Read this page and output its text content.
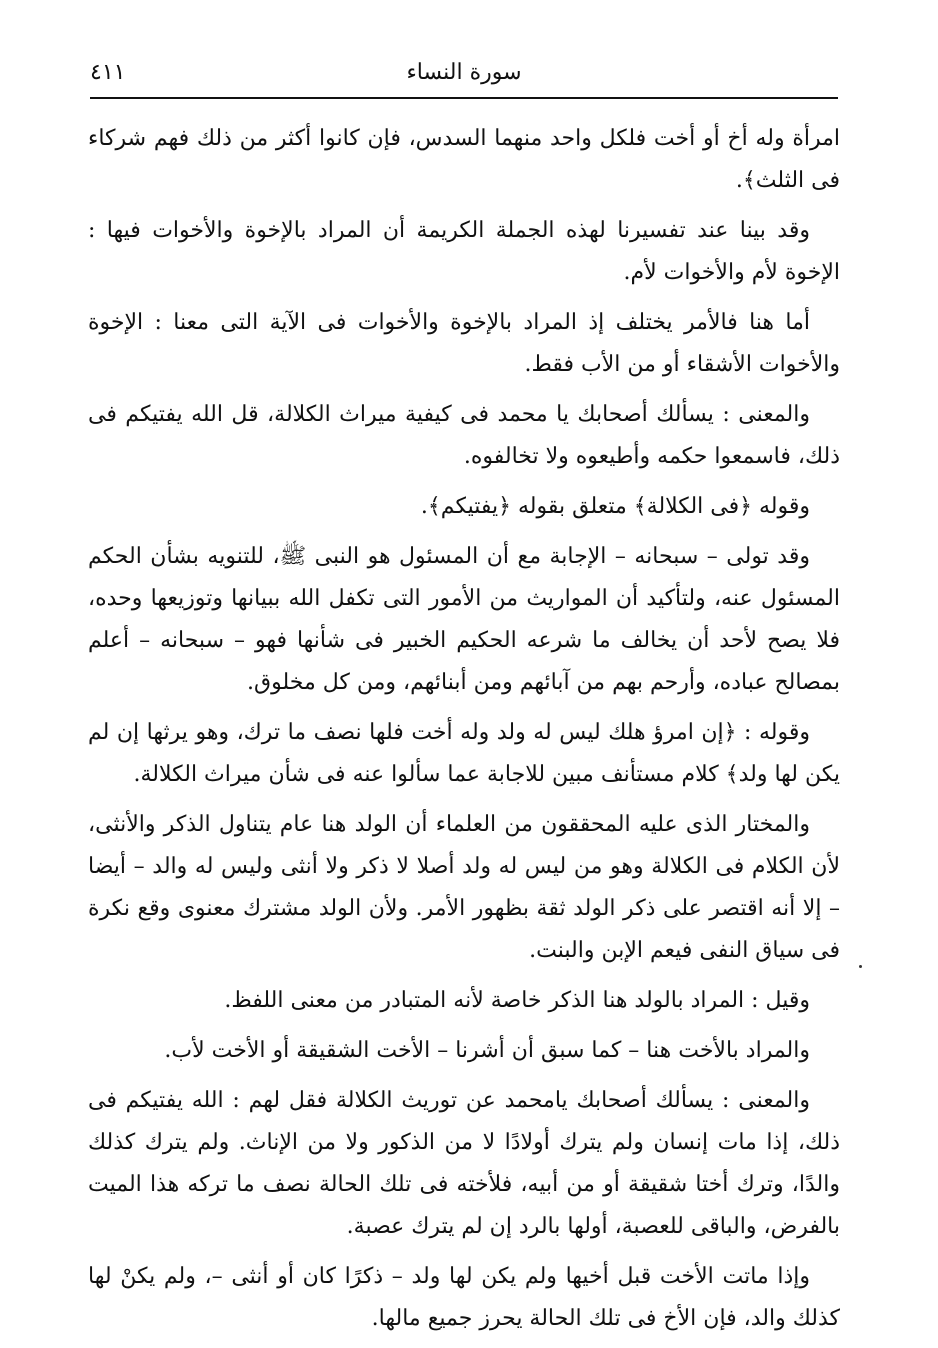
سورة النساء
٤١١

امرأة وله أخ أو أخت فلكل واحد منهما السدس، فإن كانوا أكثر من ذلك فهم شركاء فى الثلث﴾.

وقد بينا عند تفسيرنا لهذه الجملة الكريمة أن المراد بالإخوة والأخوات فيها : الإخوة لأم والأخوات لأم.

أما هنا فالأمر يختلف إذ المراد بالإخوة والأخوات فى الآية التى معنا : الإخوة والأخوات الأشقاء أو من الأب فقط.

والمعنى : يسألك أصحابك يا محمد فى كيفية ميراث الكلالة، قل الله يفتيكم فى ذلك، فاسمعوا حكمه وأطيعوه ولا تخالفوه.

وقوله ﴿فى الكلالة﴾ متعلق بقوله ﴿يفتيكم﴾.

وقد تولى – سبحانه – الإجابة مع أن المسئول هو النبى ﷺ، للتنويه بشأن الحكم المسئول عنه، ولتأكيد أن المواريث من الأمور التى تكفل الله ببيانها وتوزيعها وحده، فلا يصح لأحد أن يخالف ما شرعه الحكيم الخبير فى شأنها فهو – سبحانه – أعلم بمصالح عباده، وأرحم بهم من آبائهم ومن أبنائهم، ومن كل مخلوق.

وقوله : ﴿إن امرؤ هلك ليس له ولد وله أخت فلها نصف ما ترك، وهو يرثها إن لم يكن لها ولد﴾ كلام مستأنف مبين للاجابة عما سألوا عنه فى شأن ميراث الكلالة.

والمختار الذى عليه المحققون من العلماء أن الولد هنا عام يتناول الذكر والأنثى، لأن الكلام فى الكلالة وهو من ليس له ولد أصلا لا ذكر ولا أنثى وليس له والد – أيضا – إلا أنه اقتصر على ذكر الولد ثقة بظهور الأمر. ولأن الولد مشترك معنوى وقع نكرة فى سياق النفى فيعم الإبن والبنت.

وقيل : المراد بالولد هنا الذكر خاصة لأنه المتبادر من معنى اللفظ.

والمراد بالأخت هنا – كما سبق أن أشرنا – الأخت الشقيقة أو الأخت لأب.

والمعنى : يسألك أصحابك يامحمد عن توريث الكلالة فقل لهم : الله يفتيكم فى ذلك، إذا مات إنسان ولم يترك أولادًا لا من الذكور ولا من الإناث. ولم يترك كذلك والدًا، وترك أختا شقيقة أو من أبيه، فلأخته فى تلك الحالة نصف ما تركه هذا الميت بالفرض، والباقى للعصبة، أولها بالرد إن لم يترك عصبة.

وإذا ماتت الأخت قبل أخيها ولم يكن لها ولد – ذكرًا كان أو أنثى –، ولم يكنْ لها كذلك والد، فإن الأخ فى تلك الحالة يحرز جميع مالها.
